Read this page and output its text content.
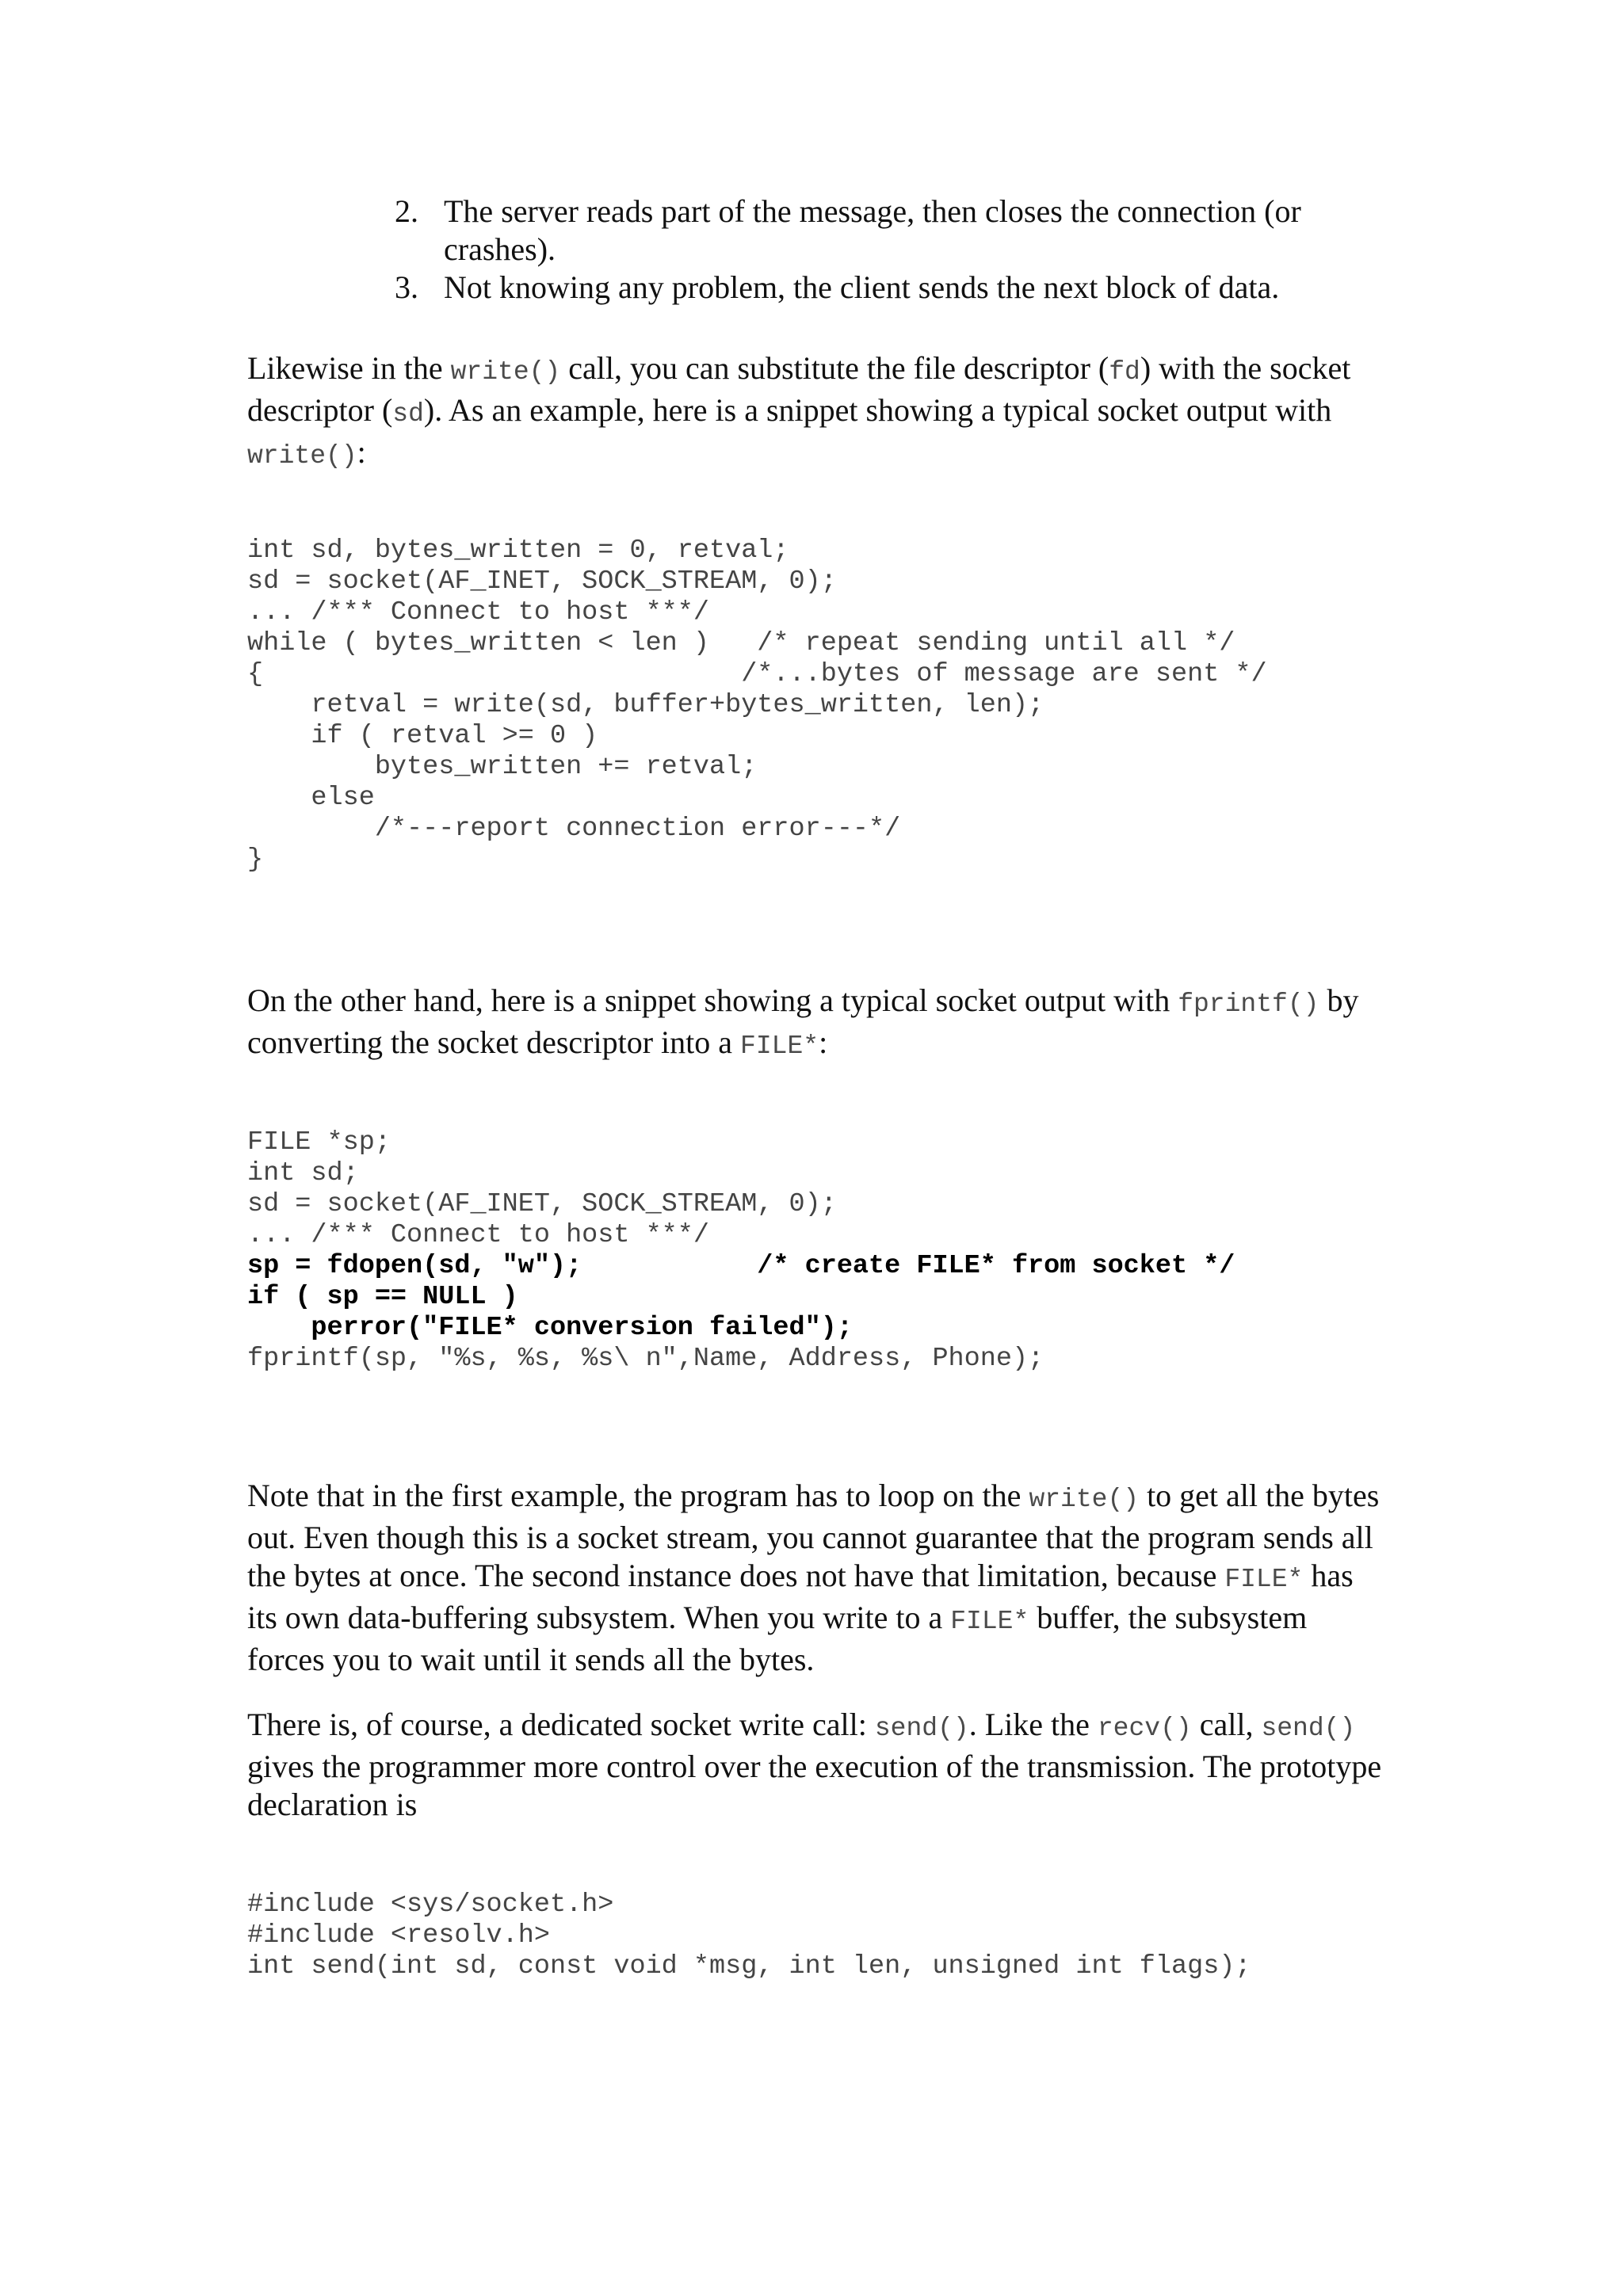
2. The server reads part of the message, then closes the connection (or crashes).
3. Not knowing any problem, the client sends the next block of data.

Likewise in the write() call, you can substitute the file descriptor (fd) with the socket descriptor (sd). As an example, here is a snippet showing a typical socket output with write():

int sd, bytes_written = 0, retval;
sd = socket(AF_INET, SOCK_STREAM, 0);
... /*** Connect to host ***/
while ( bytes_written < len )   /* repeat sending until all */
{                              /*...bytes of message are sent */
retval = write(sd, buffer+bytes_written, len);
if ( retval >= 0 )
bytes_written += retval;
else
/*---report connection error---*/
}

On the other hand, here is a snippet showing a typical socket output with fprintf() by converting the socket descriptor into a FILE*:

FILE *sp;
int sd;
sd = socket(AF_INET, SOCK_STREAM, 0);
... /*** Connect to host ***/
sp = fdopen(sd, "w");           /* create FILE* from socket */
if ( sp == NULL )
perror("FILE* conversion failed");
fprintf(sp, "%s, %s, %s\ n",Name, Address, Phone);

Note that in the first example, the program has to loop on the write() to get all the bytes out. Even though this is a socket stream, you cannot guarantee that the program sends all the bytes at once. The second instance does not have that limitation, because FILE* has its own data-buffering subsystem. When you write to a FILE* buffer, the subsystem forces you to wait until it sends all the bytes.

There is, of course, a dedicated socket write call: send(). Like the recv() call, send() gives the programmer more control over the execution of the transmission. The prototype declaration is

#include <sys/socket.h>
#include <resolv.h>
int send(int sd, const void *msg, int len, unsigned int flags);
